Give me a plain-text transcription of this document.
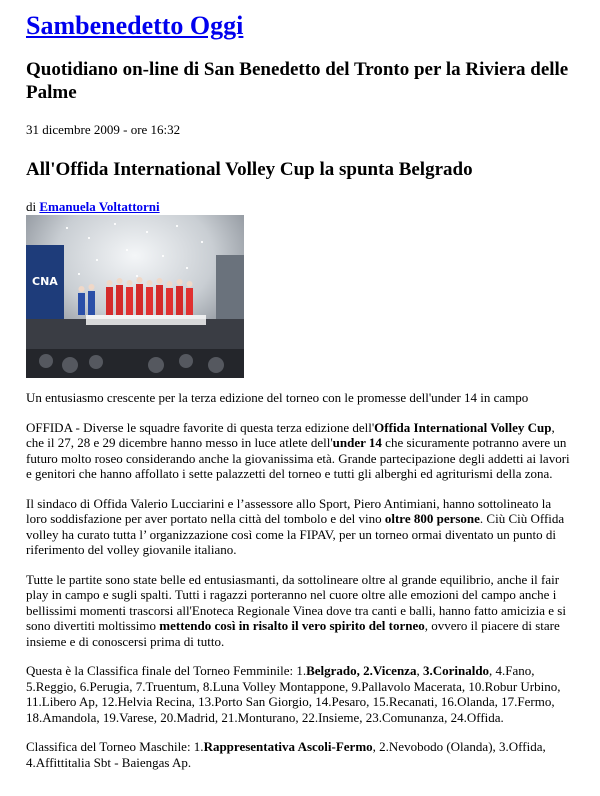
Sambenedetto Oggi
Quotidiano on-line di San Benedetto del Tronto per la Riviera delle Palme
31 dicembre 2009 - ore 16:32
All'Offida International Volley Cup la spunta Belgrado
di Emanuela Voltattorni
CNA

Un entusiasmo crescente per la terza edizione del torneo con le promesse dell'under 14 in campo

OFFIDA - Diverse le squadre favorite di questa terza edizione dell'Offida International Volley Cup, che il 27, 28 e 29 dicembre hanno messo in luce atlete dell'under 14 che sicuramente potranno avere un futuro molto roseo considerando anche la giovanissima età. Grande partecipazione degli addetti ai lavori e genitori che hanno affollato i sette palazzetti del torneo e tutti gli alberghi ed agriturismi della zona.

Il sindaco di Offida Valerio Lucciarini e l’assessore allo Sport, Piero Antimiani, hanno sottolineato la loro soddisfazione per aver portato nella città del tombolo e del vino oltre 800 persone. Ciù Ciù Offida volley ha curato tutta l’ organizzazione così come la FIPAV, per un torneo ormai diventato un punto di riferimento del volley giovanile italiano.

Tutte le partite sono state belle ed entusiasmanti, da sottolineare oltre al grande equilibrio, anche il fair play in campo e sugli spalti. Tutti i ragazzi porteranno nel cuore oltre alle emozioni del campo anche i bellissimi momenti trascorsi all'Enoteca Regionale Vinea dove tra canti e balli, hanno fatto amicizia e si sono divertiti moltissimo mettendo così in risalto il vero spirito del torneo, ovvero il piacere di stare insieme e di conoscersi prima di tutto.

Questa è la Classifica finale del Torneo Femminile: 1.Belgrado, 2.Vicenza, 3.Corinaldo, 4.Fano, 5.Reggio, 6.Perugia, 7.Truentum, 8.Luna Volley Montappone, 9.Pallavolo Macerata, 10.Robur Urbino, 11.Libero Ap, 12.Helvia Recina, 13.Porto San Giorgio, 14.Pesaro, 15.Recanati, 16.Olanda, 17.Fermo, 18.Amandola, 19.Varese, 20.Madrid, 21.Monturano, 22.Insieme, 23.Comunanza, 24.Offida.

Classifica del Torneo Maschile: 1.Rappresentativa Ascoli-Fermo, 2.Nevobodo (Olanda), 3.Offida, 4.Affittitalia Sbt - Baiengas Ap.
